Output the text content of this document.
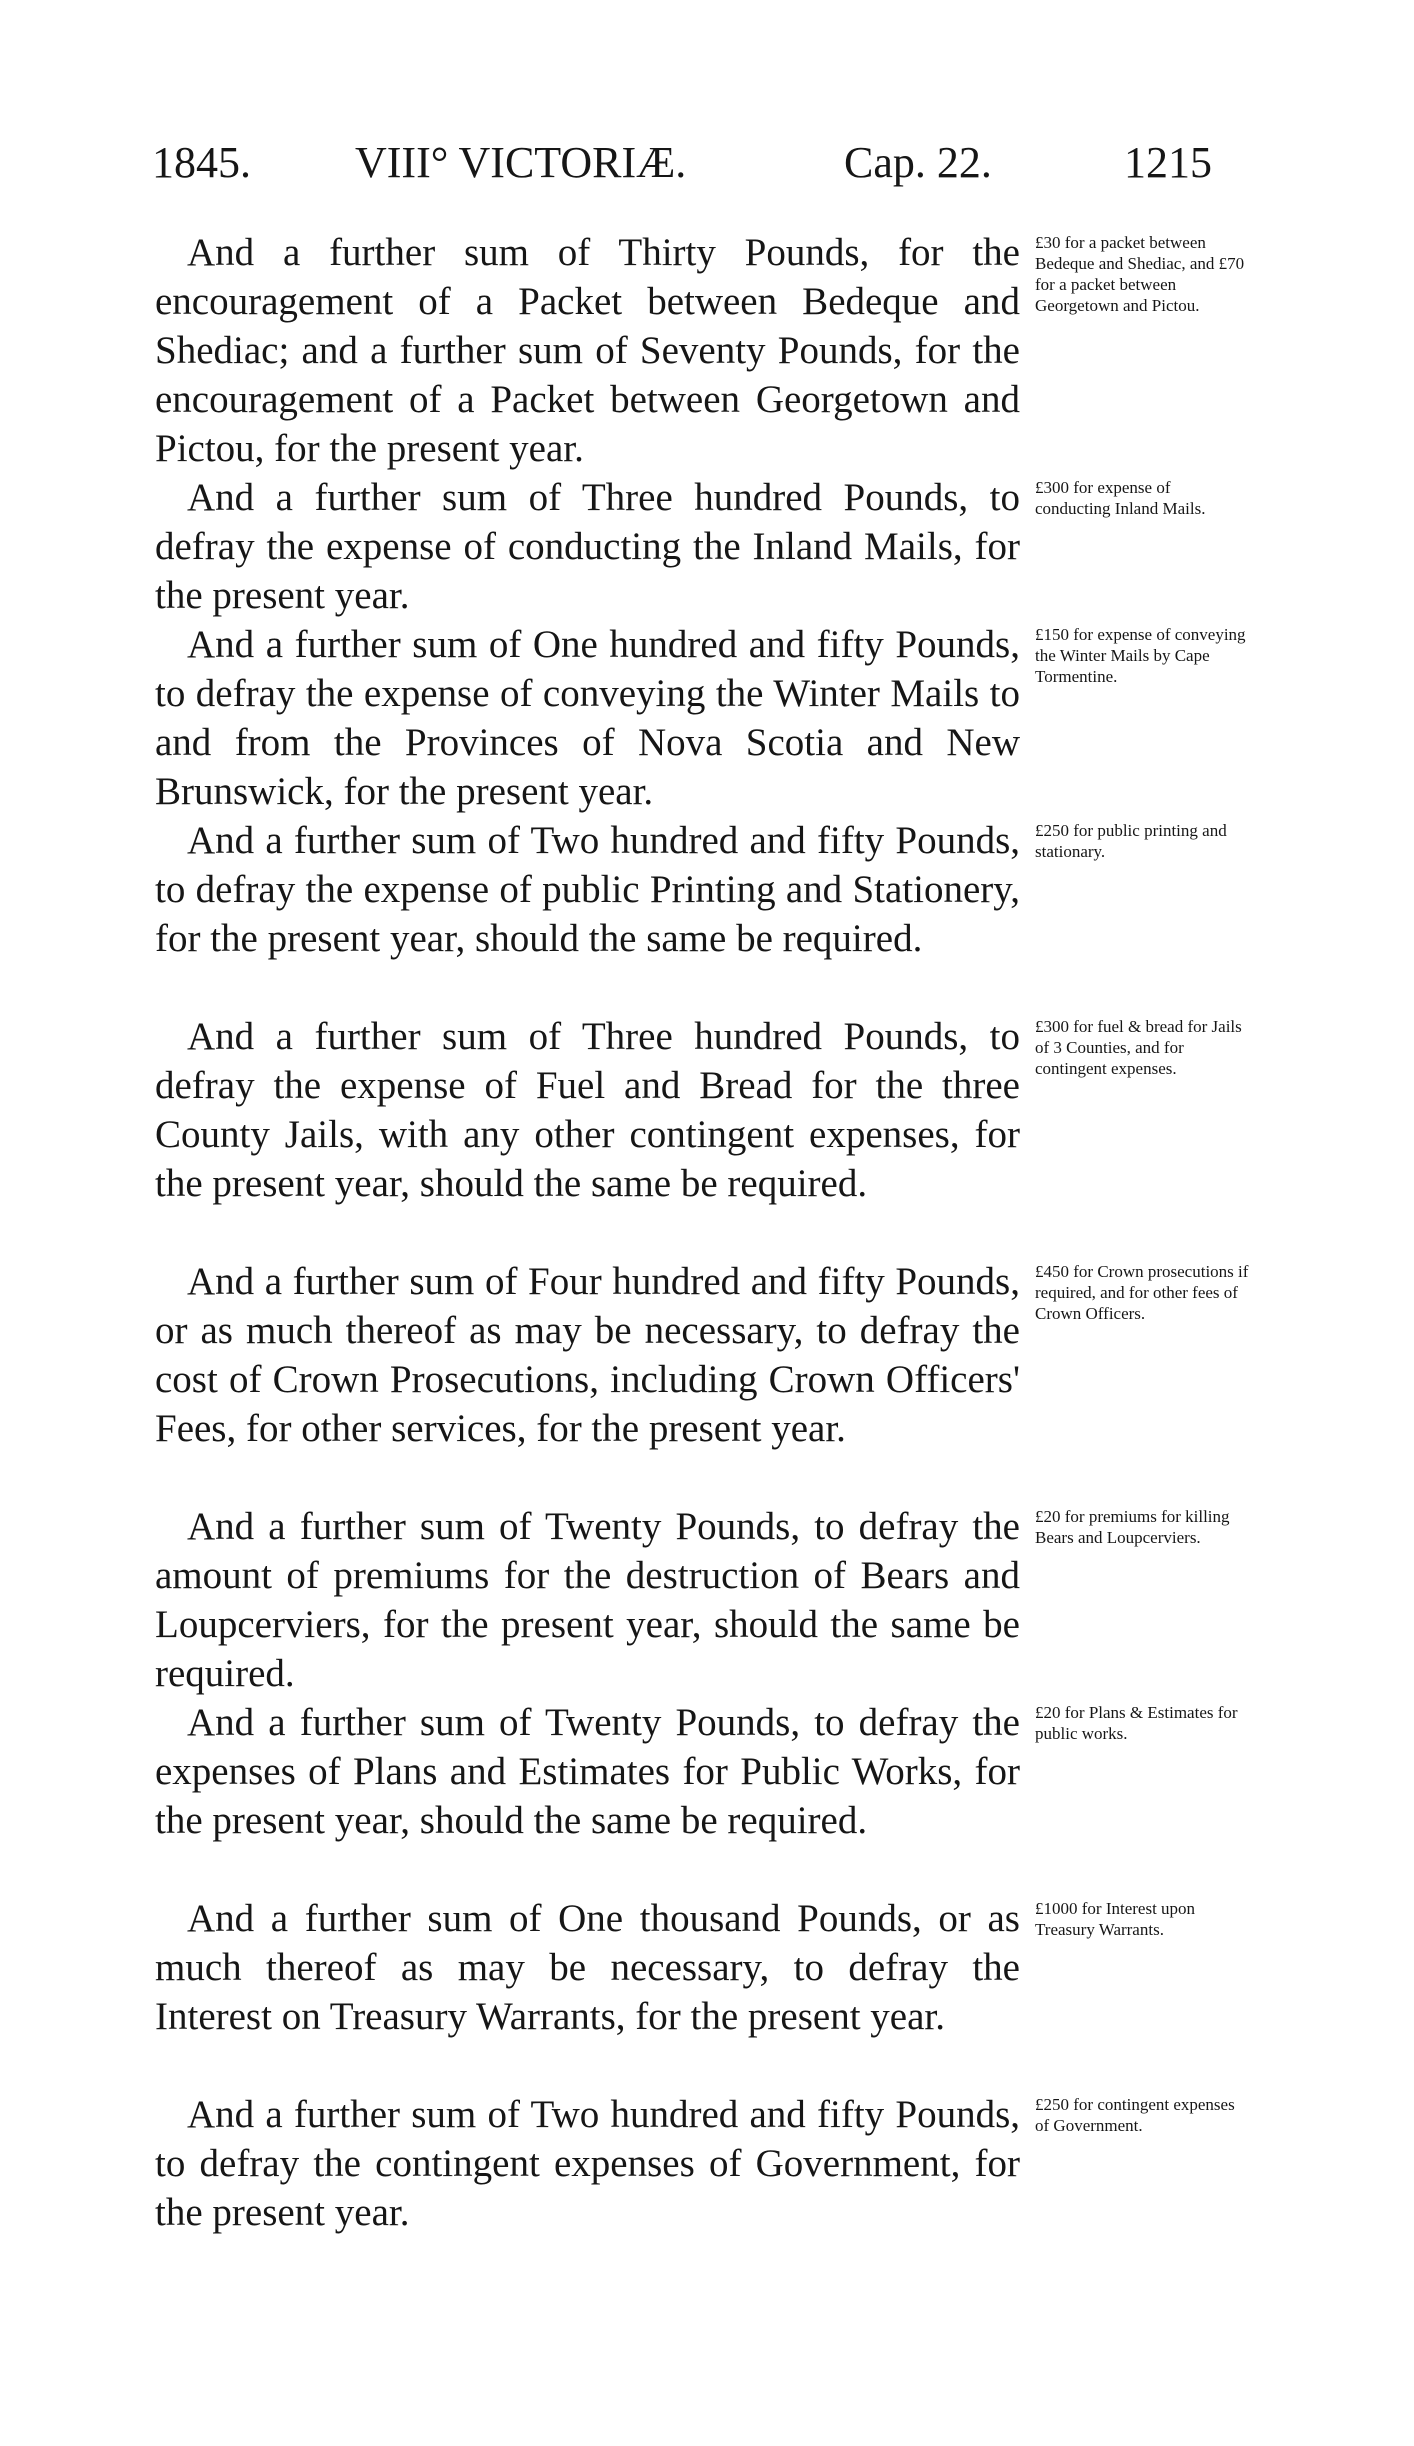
1845. VIII° VICTORIÆ.	Cap. 22.	1215

And a further sum of Thirty Pounds, for the encouragement of a Packet between Bedeque and Shediac; and a further sum of Seventy Pounds, for the encouragement of a Packet between Georgetown and Pictou, for the present year.

£30 for a packet between Bedeque and Shediac, and £70 for a packet between Georgetown and Pictou.

And a further sum of Three hundred Pounds, to defray the expense of conducting the Inland Mails, for the present year.

£300 for expense of conducting Inland Mails.

And a further sum of One hundred and fifty Pounds, to defray the expense of conveying the Winter Mails to and from the Provinces of Nova Scotia and New Brunswick, for the present year.

£150 for expense of conveying the Winter Mails by Cape Tormentine.

And a further sum of Two hundred and fifty Pounds, to defray the expense of public Printing and Stationery, for the present year, should the same be required.

£250 for public printing and stationary.

And a further sum of Three hundred Pounds, to defray the expense of Fuel and Bread for the three County Jails, with any other contingent expenses, for the present year, should the same be required.

£300 for fuel & bread for Jails of 3 Counties, and for contingent expenses.

And a further sum of Four hundred and fifty Pounds, or as much thereof as may be necessary, to defray the cost of Crown Prosecutions, including Crown Officers' Fees, for other services, for the present year.

£450 for Crown prosecutions if required, and for other fees of Crown Officers.

And a further sum of Twenty Pounds, to defray the amount of premiums for the destruction of Bears and Loupcerviers, for the present year, should the same be required.

£20 for premiums for killing Bears and Loupcerviers.

And a further sum of Twenty Pounds, to defray the expenses of Plans and Estimates for Public Works, for the present year, should the same be required.

£20 for Plans & Estimates for public works.

And a further sum of One thousand Pounds, or as much thereof as may be necessary, to defray the Interest on Treasury Warrants, for the present year.

£1000 for Interest upon Treasury Warrants.

And a further sum of Two hundred and fifty Pounds, to defray the contingent expenses of Government, for the present year.

£250 for contingent expenses of Government.
